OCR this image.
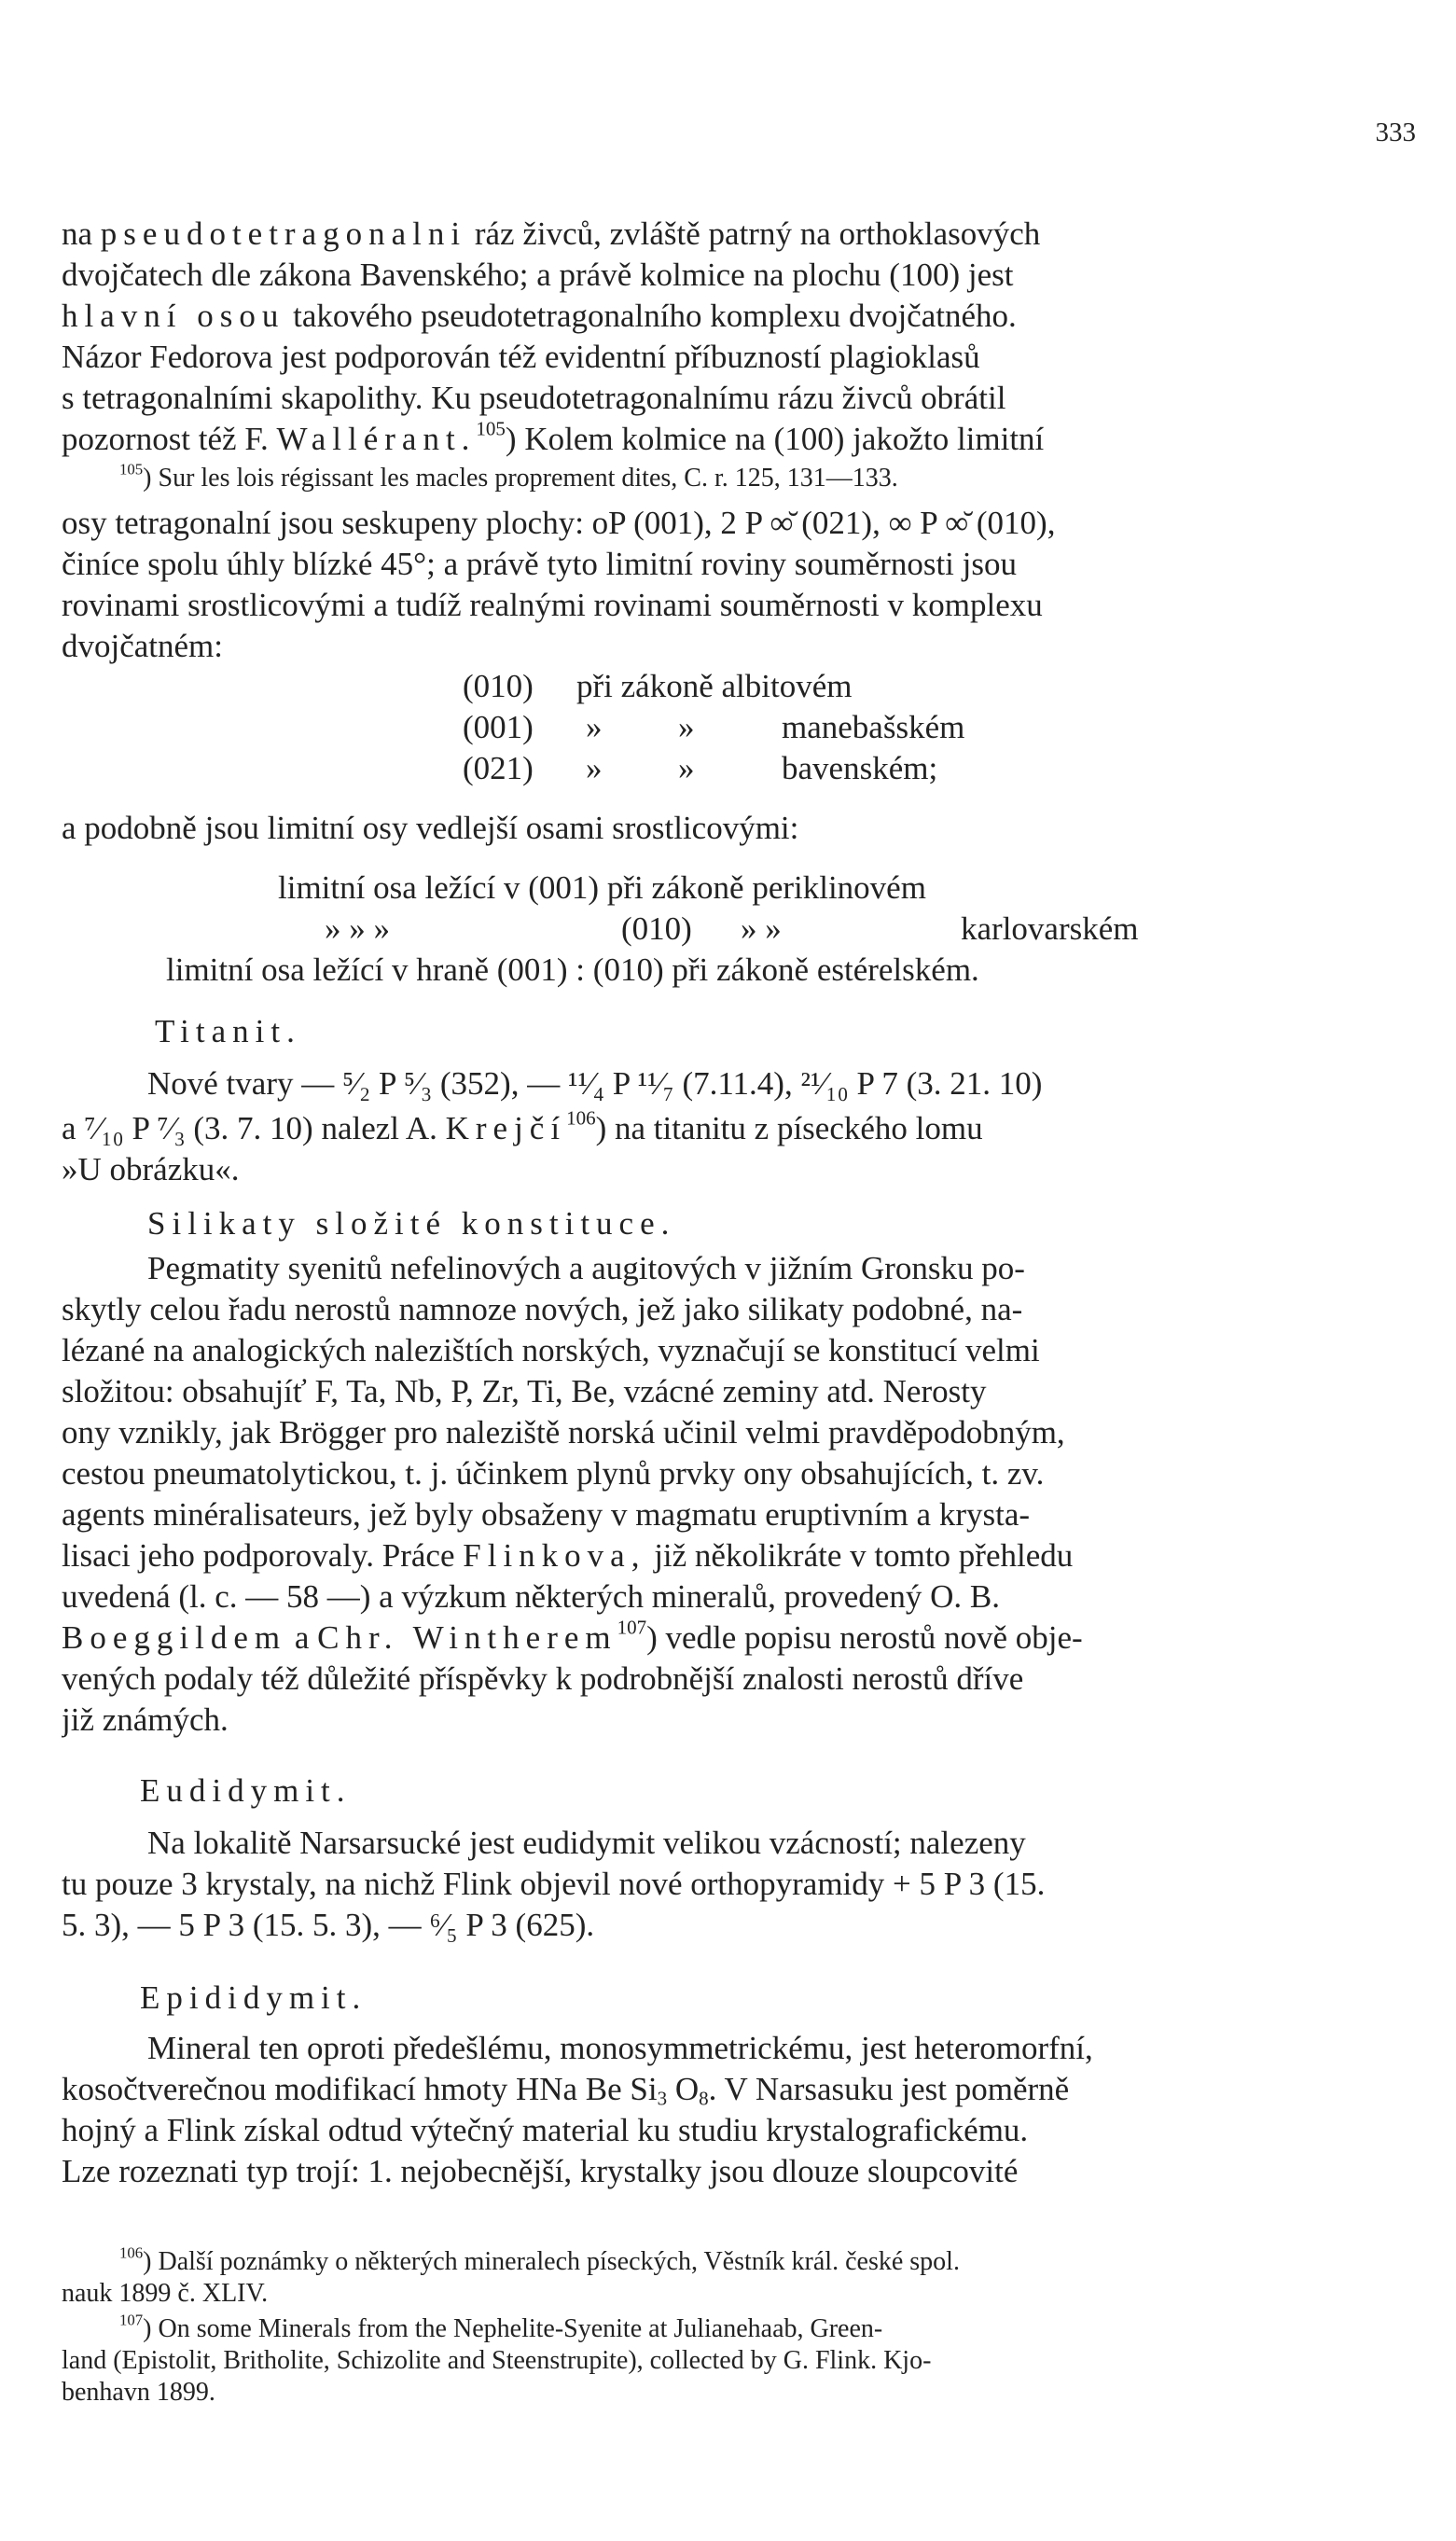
333
na pseudotetragonalni ráz živců, zvláště patrný na orthoklasových
dvojčatech dle zákona Bavenského; a právě kolmice na plochu (100) jest
hlavní osou takového pseudotetragonalního komplexu dvojčatného.
Názor Fedorova jest podporován též evidentní příbuzností plagioklasů
s tetragonalními skapolithy. Ku pseudotetragonalnímu rázu živců obrátil
pozornost též F. Wallérant.$^{105}$) Kolem kolmice na (100) jakožto limitní
$^{105}$) Sur les lois régissant les macles proprement dites, C. r. 125, 131—133.
osy tetragonalní jsou seskupeny plochy: oP (001), 2 P ∞̆ (021), ∞ P ∞̆ (010),
činíce spolu úhly blízké 45°; a právě tyto limitní roviny souměrnosti jsou
rovinami srostlicovými a tudíž realnými rovinami souměrnosti v komplexu
dvojčatném:
(010) při zákoně albitovém
(001) » »	manebašském
(021) » »	bavenském;
a podobně jsou limitní osy vedlejší osami srostlicovými:
limitní osa ležící v (001) při zákoně periklinovém
» » »	(010) » »	karlovarském
limitní osa ležící v hraně (001) : (010) při zákoně estérelském.
Titanit.
Nové tvary — ⁵⁄₂ P ⁵⁄₃ (352), — ¹¹⁄₄ P ¹¹⁄₇ (7.11.4), ²¹⁄₁₀ P 7 (3. 21. 10)
a ⁷⁄₁₀ P ⁷⁄₃ (3. 7. 10) nalezl A. Krejčí$^{106}$) na titanitu z píseckého lomu
»U obrázku«.
Silikaty složité konstituce.
Pegmatity syenitů nefelinových a augitových v jižním Gronsku po-
skytly celou řadu nerostů namnoze nových, jež jako silikaty podobné, na-
lézané na analogických nalezištích norských, vyznačují se konstitucí velmi
složitou: obsahujíť F, Ta, Nb, P, Zr, Ti, Be, vzácné zeminy atd. Nerosty
ony vznikly, jak Brögger pro naleziště norská učinil velmi pravděpodobným,
cestou pneumatolytickou, t. j. účinkem plynů prvky ony obsahujících, t. zv.
agents minéralisateurs, jež byly obsaženy v magmatu eruptivním a krysta-
lisaci jeho podporovaly. Práce Flinkova, již několikráte v tomto přehledu
uvedená (l. c. — 58 —) a výzkum některých mineralů, provedený O. B.
Boeggildem a Chr. Wintherem$^{107}$) vedle popisu nerostů nově obje-
vených podaly též důležité příspěvky k podrobnější znalosti nerostů dříve
již známých.
Eudidymit.
Na lokalitě Narsarsucké jest eudidymit velikou vzácností; nalezeny
tu pouze 3 krystaly, na nichž Flink objevil nové orthopyramidy + 5 P 3 (15.
5. 3), — 5 P 3 (15. 5. 3), — ⁶⁄₅ P 3 (625).
Epididymit.
Mineral ten oproti předešlému, monosymmetrickému, jest heteromorfní,
kosočtverečnou modifikací hmoty HNa Be $Si_3$ $O_8$. V Narsasuku jest poměrně
hojný a Flink získal odtud výtečný material ku studiu krystalografickému.
Lze rozeznati typ trojí: 1. nejobecnější, krystalky jsou dlouze sloupcovité
$^{106}$) Další poznámky o některých mineralech píseckých, Věstník král. české spol.
nauk 1899 č. XLIV.
$^{107}$) On some Minerals from the Nephelite-Syenite at Julianehaab, Green-
land (Epistolit, Britholite, Schizolite and Steenstrupite), collected by G. Flink. Kjo-
benhavn 1899.
